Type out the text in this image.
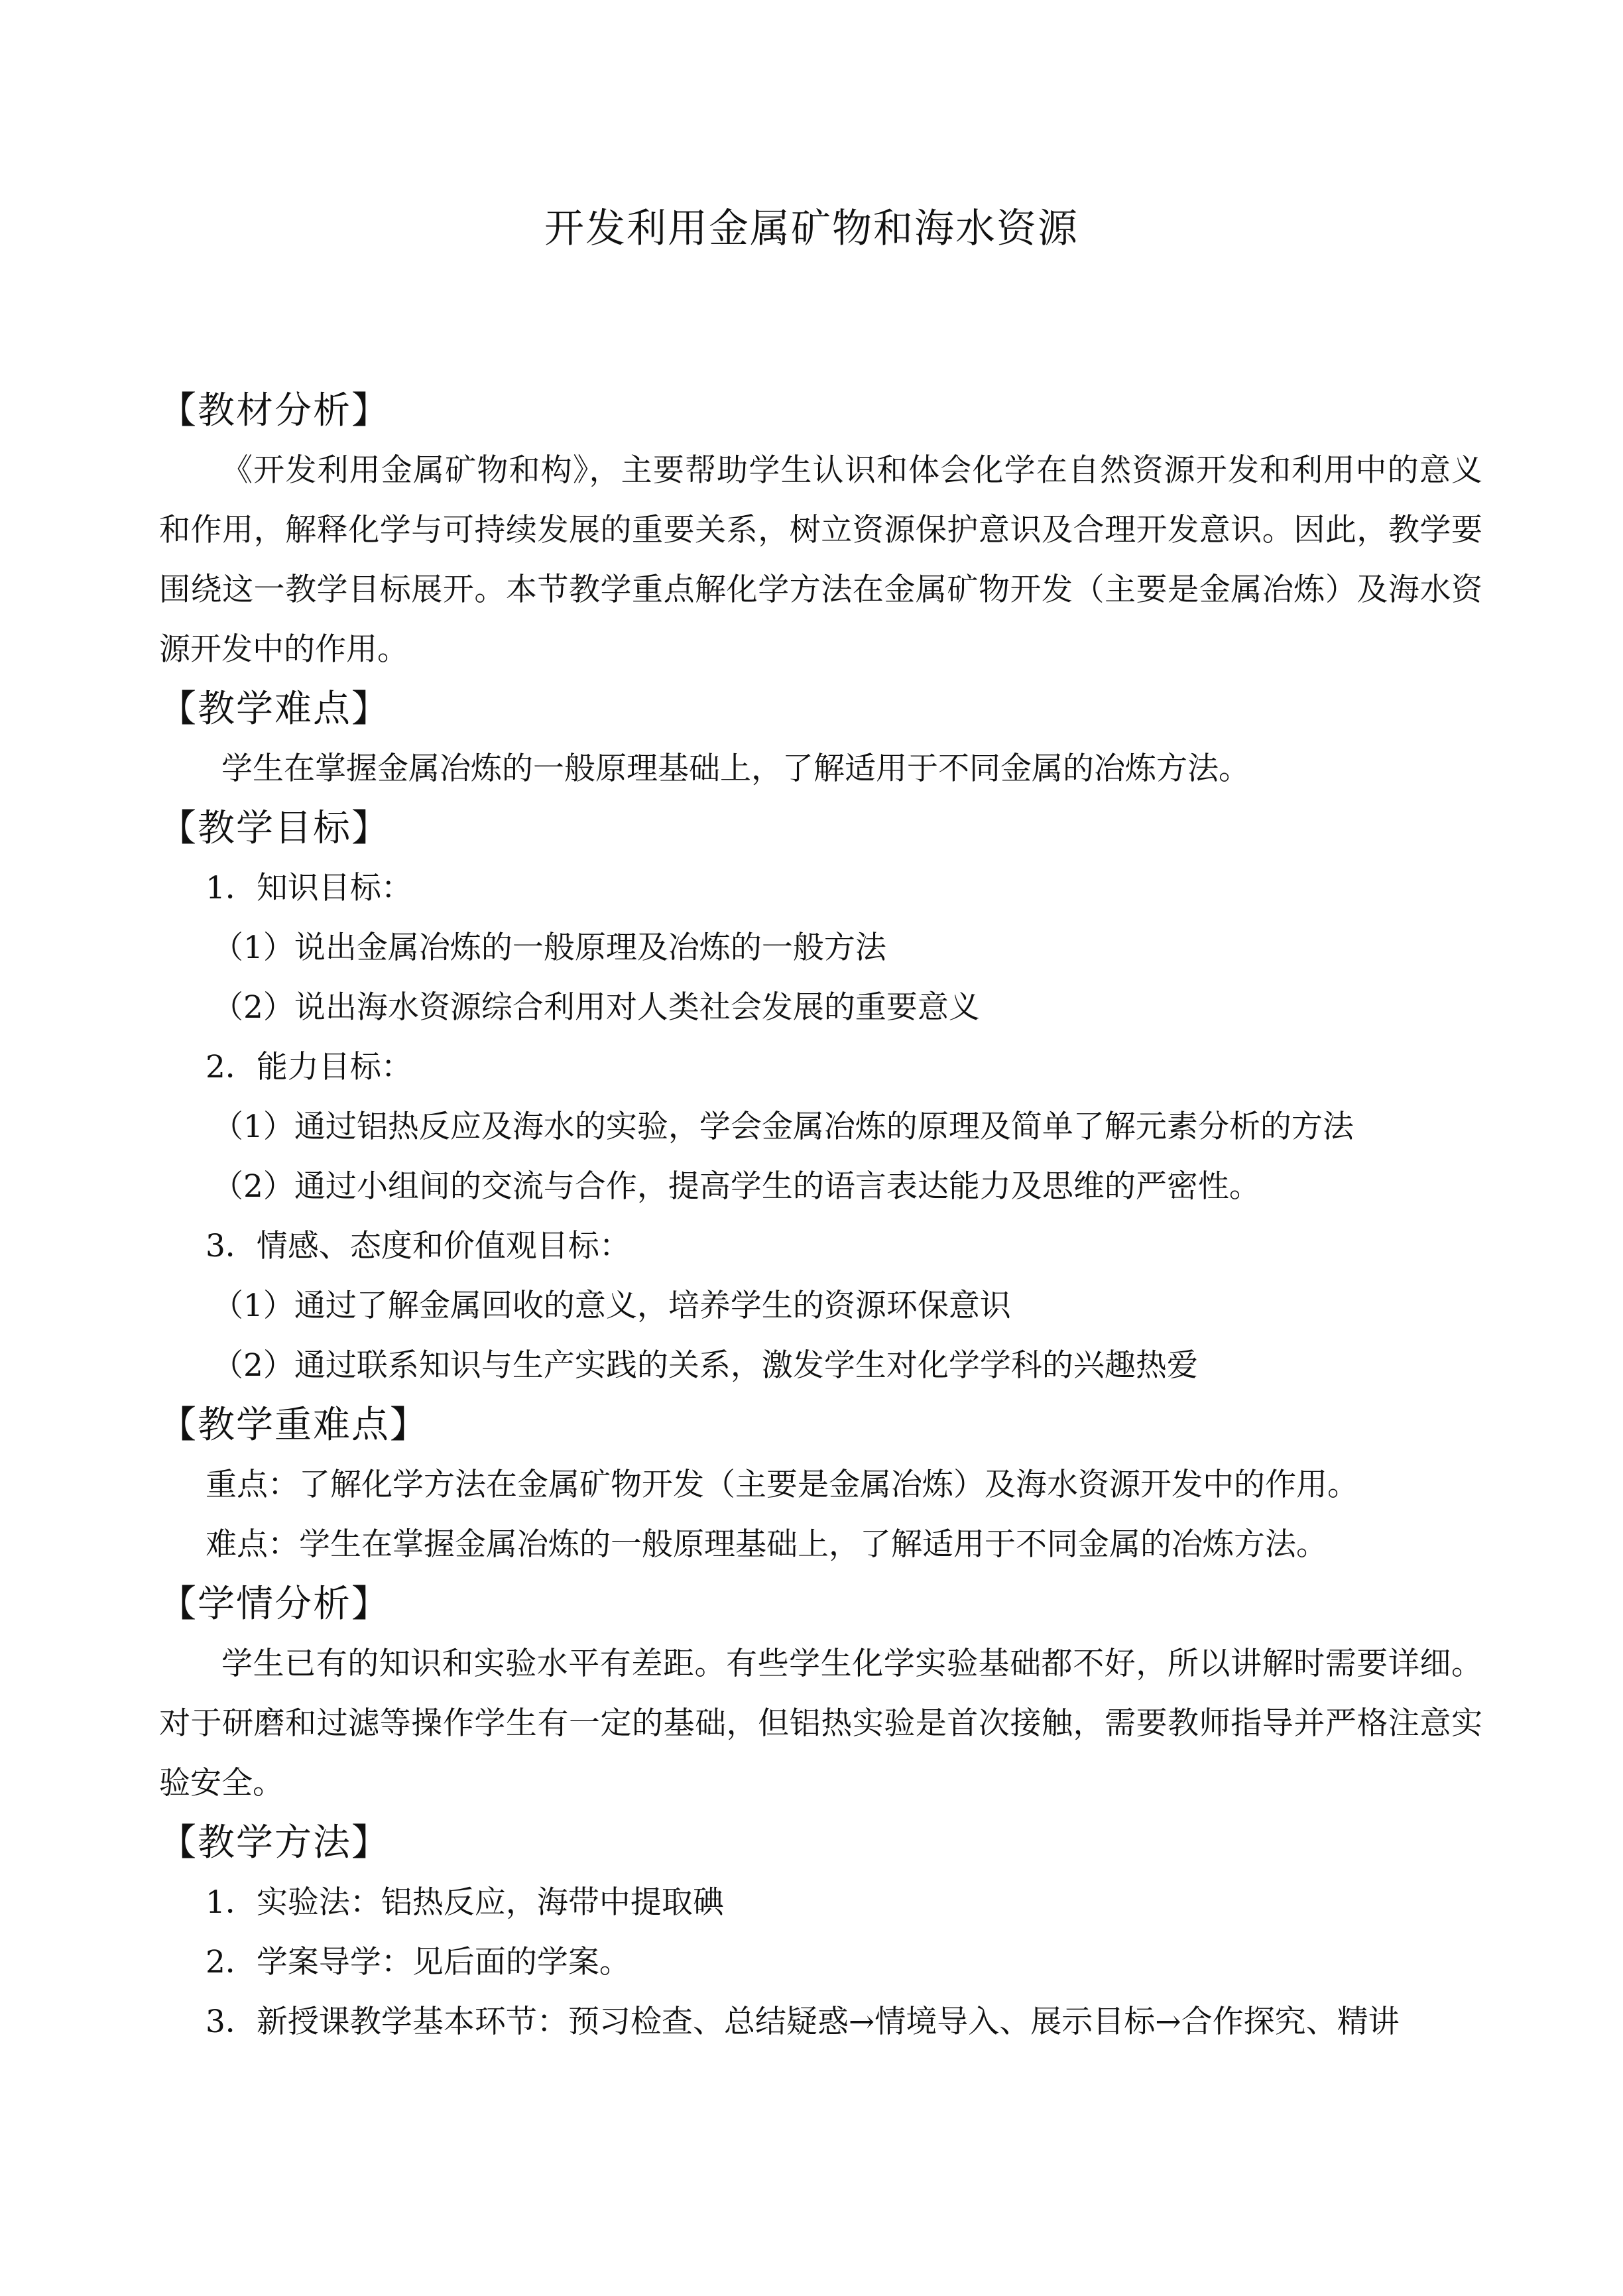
开发利用金属矿物和海水资源
【教材分析】
《开发利用金属矿物和构》，主要帮助学生认识和体会化学在自然资源开发和利用中的意义和作用，解释化学与可持续发展的重要关系，树立资源保护意识及合理开发意识。因此，教学要围绕这一教学目标展开。本节教学重点解化学方法在金属矿物开发（主要是金属冶炼）及海水资源开发中的作用。
【教学难点】
学生在掌握金属冶炼的一般原理基础上，了解适用于不同金属的冶炼方法。
【教学目标】
1．知识目标：
（1）说出金属冶炼的一般原理及冶炼的一般方法
（2）说出海水资源综合利用对人类社会发展的重要意义
2．能力目标：
（1）通过铝热反应及海水的实验，学会金属冶炼的原理及简单了解元素分析的方法
（2）通过小组间的交流与合作，提高学生的语言表达能力及思维的严密性。
3．情感、态度和价值观目标：
（1）通过了解金属回收的意义，培养学生的资源环保意识
（2）通过联系知识与生产实践的关系，激发学生对化学学科的兴趣热爱
【教学重难点】
重点：了解化学方法在金属矿物开发（主要是金属冶炼）及海水资源开发中的作用。
难点：学生在掌握金属冶炼的一般原理基础上，了解适用于不同金属的冶炼方法。
【学情分析】
学生已有的知识和实验水平有差距。有些学生化学实验基础都不好，所以讲解时需要详细。对于研磨和过滤等操作学生有一定的基础，但铝热实验是首次接触，需要教师指导并严格注意实验安全。
【教学方法】
1．实验法：铝热反应，海带中提取碘
2．学案导学：见后面的学案。
3．新授课教学基本环节：预习检查、总结疑惑→情境导入、展示目标→合作探究、精讲
